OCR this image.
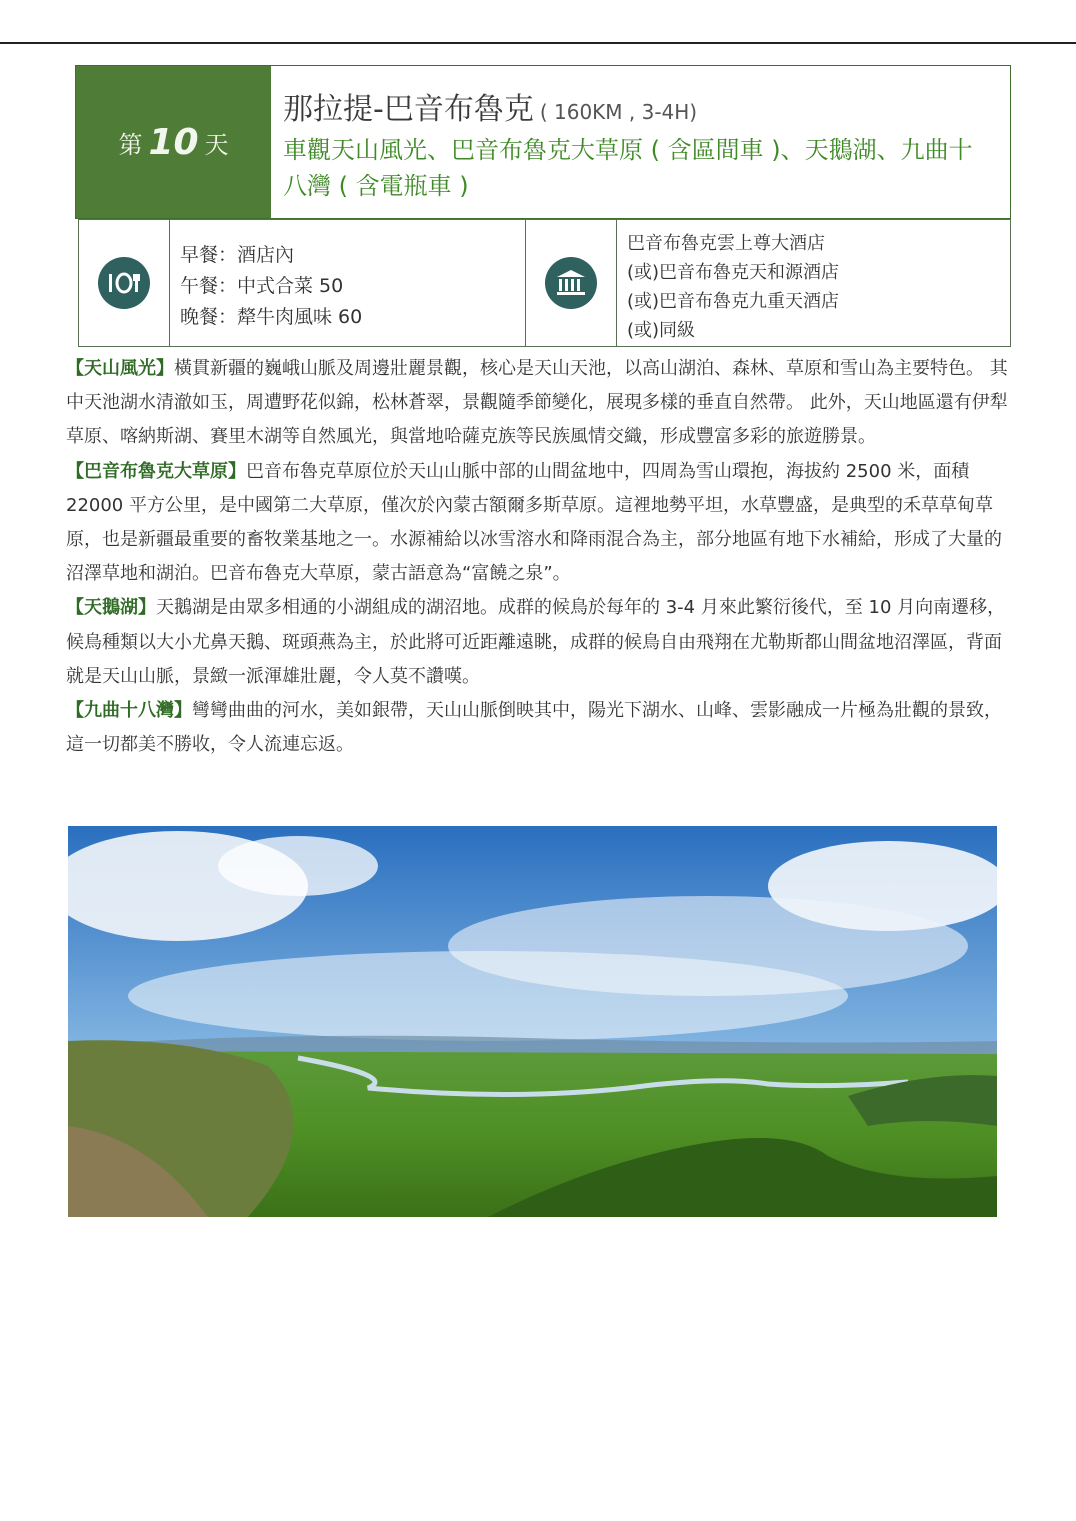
第 10 天
那拉提-巴音布魯克 ( 160KM , 3-4H)
車觀天山風光、巴音布魯克大草原 ( 含區間車 )、天鵝湖、九曲十八灣 ( 含電瓶車 )
早餐：酒店內
午餐：中式合菜 50
晚餐：犛牛肉風味 60
巴音布魯克雲上尊大酒店
(或)巴音布魯克天和源酒店
(或)巴音布魯克九重天酒店
(或)同級

【天山風光】橫貫新疆的巍峨山脈及周邊壯麗景觀，核心是天山天池，以高山湖泊、森林、草原和雪山為主要特色。 其中天池湖水清澈如玉，周遭野花似錦，松林蒼翠，景觀隨季節變化，展現多樣的垂直自然帶。 此外，天山地區還有伊犁草原、喀納斯湖、賽里木湖等自然風光，與當地哈薩克族等民族風情交織，形成豐富多彩的旅遊勝景。

【巴音布魯克大草原】巴音布魯克草原位於天山山脈中部的山間盆地中，四周為雪山環抱，海拔約 2500 米，面積 22000 平方公里，是中國第二大草原，僅次於內蒙古額爾多斯草原。這裡地勢平坦，水草豐盛，是典型的禾草草甸草原，也是新疆最重要的畜牧業基地之一。水源補給以冰雪溶水和降雨混合為主，部分地區有地下水補給，形成了大量的沼澤草地和湖泊。巴音布魯克大草原，蒙古語意為“富饒之泉”。

【天鵝湖】天鵝湖是由眾多相通的小湖組成的湖沼地。成群的候鳥於每年的 3-4 月來此繁衍後代，至 10 月向南遷移，候鳥種類以大小尤鼻天鵝、斑頭燕為主，於此將可近距離遠眺，成群的候鳥自由飛翔在尤勒斯都山間盆地沼澤區，背面就是天山山脈，景緻一派渾雄壯麗，令人莫不讚嘆。

【九曲十八灣】彎彎曲曲的河水，美如銀帶，天山山脈倒映其中，陽光下湖水、山峰、雲影融成一片極為壯觀的景致，這一切都美不勝收，令人流連忘返。
